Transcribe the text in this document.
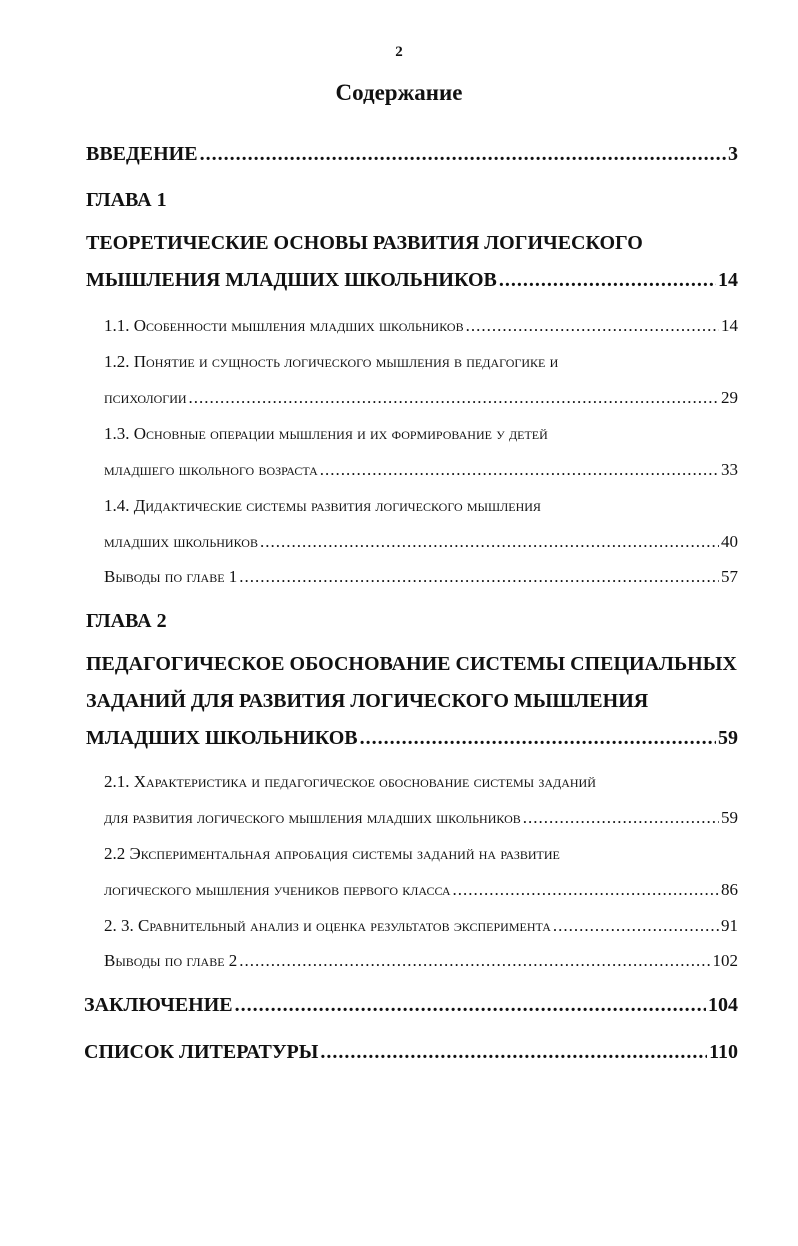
2
Содержание
ВВЕДЕНИЕ .....	3
ГЛАВА 1
ТЕОРЕТИЧЕСКИЕ ОСНОВЫ РАЗВИТИЯ ЛОГИЧЕСКОГО
МЫШЛЕНИЯ МЛАДШИХ ШКОЛЬНИКОВ .....	14
1.1. Особенности мышления младших школьников .....	14
1.2. Понятие и сущность логического мышления в педагогике и
психологии .....	29
1.3. Основные операции мышления и их формирование у детей
младшего школьного возраста .....	33
1.4. Дидактические системы развития логического мышления
младших школьников .....	40
Выводы по главе 1 .....	57
ГЛАВА 2
ПЕДАГОГИЧЕСКОЕ ОБОСНОВАНИЕ СИСТЕМЫ СПЕЦИАЛЬНЫХ
ЗАДАНИЙ ДЛЯ РАЗВИТИЯ ЛОГИЧЕСКОГО МЫШЛЕНИЯ
МЛАДШИХ ШКОЛЬНИКОВ .....	59
2.1. Характеристика и педагогическое обоснование системы заданий
для развития логического мышления младших школьников .....	59
2.2 Экспериментальная апробация системы заданий на развитие
логического мышления учеников первого класса .....	86
2. 3. Сравнительный анализ и оценка результатов эксперимента .....	91
Выводы по главе 2 .....	102
ЗАКЛЮЧЕНИЕ .....	104
СПИСОК ЛИТЕРАТУРЫ .....	110
